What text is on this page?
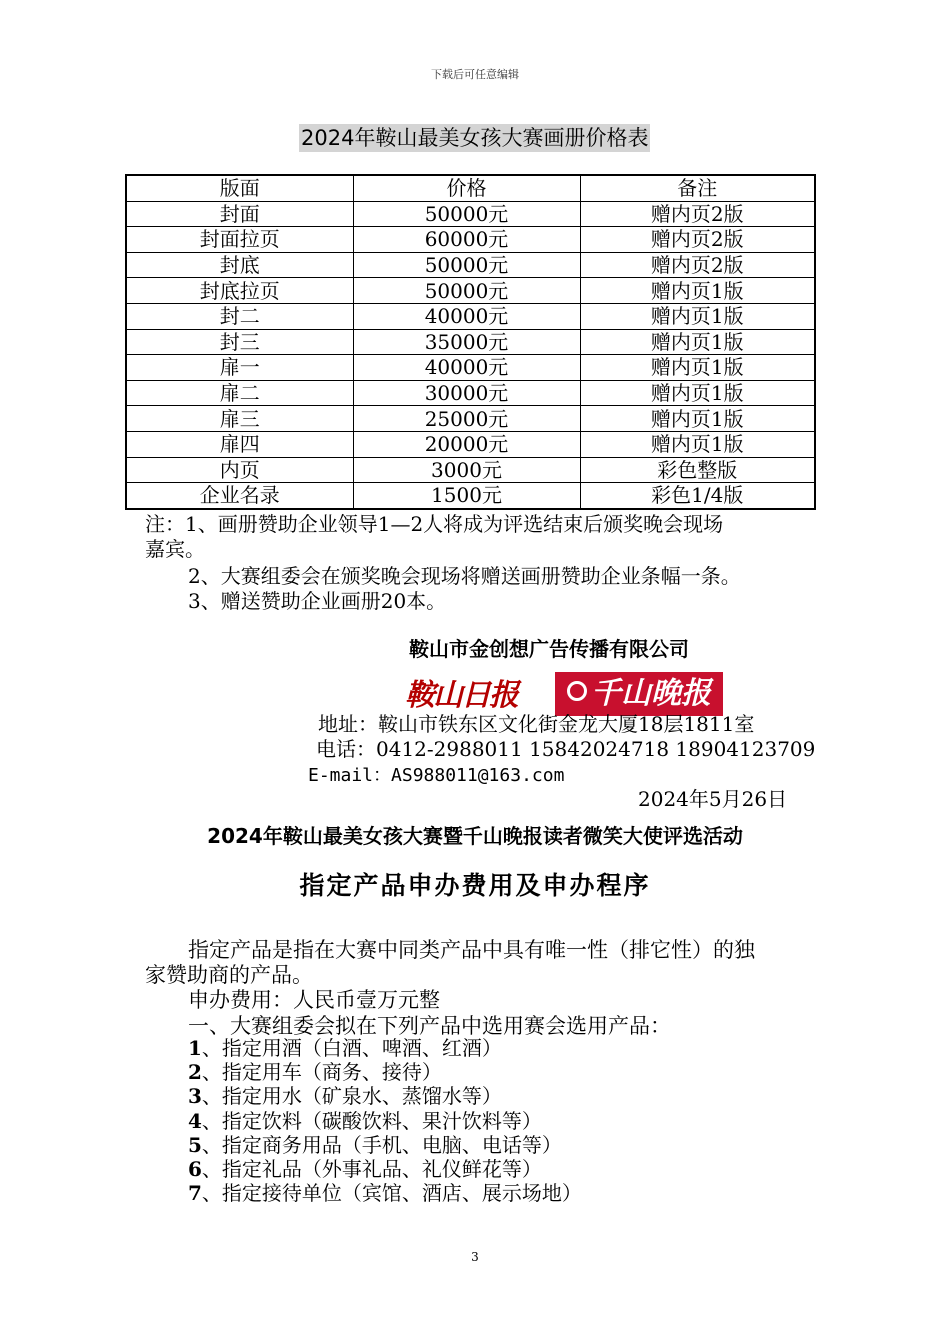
下载后可任意编辑
2024年鞍山最美女孩大赛画册价格表
版面	价格	备注
封面	50000元	赠内页2版
封面拉页	60000元	赠内页2版
封底	50000元	赠内页2版
封底拉页	50000元	赠内页1版
封二	40000元	赠内页1版
封三	35000元	赠内页1版
扉一	40000元	赠内页1版
扉二	30000元	赠内页1版
扉三	25000元	赠内页1版
扉四	20000元	赠内页1版
内页	3000元	彩色整版
企业名录	1500元	彩色1/4版
注：1、画册赞助企业领导1—2人将成为评选结束后颁奖晚会现场
嘉宾。
2、大赛组委会在颁奖晚会现场将赠送画册赞助企业条幅一条。
3、赠送赞助企业画册20本。
鞍山市金创想广告传播有限公司
鞍山日报	千山晚报
地址：鞍山市铁东区文化街金龙大厦18层1811室
电话：0412-2988011 15842024718 18904123709
E-mail：AS988011@163.com
2024年5月26日
2024年鞍山最美女孩大赛暨千山晚报读者微笑大使评选活动
指定产品申办费用及申办程序
指定产品是指在大赛中同类产品中具有唯一性（排它性）的独
家赞助商的产品。
申办费用：人民币壹万元整
一、大赛组委会拟在下列产品中选用赛会选用产品：
1、指定用酒（白酒、啤酒、红酒）
2、指定用车（商务、接待）
3、指定用水（矿泉水、蒸馏水等）
4、指定饮料（碳酸饮料、果汁饮料等）
5、指定商务用品（手机、电脑、电话等）
6、指定礼品（外事礼品、礼仪鲜花等）
7、指定接待单位（宾馆、酒店、展示场地）
3
